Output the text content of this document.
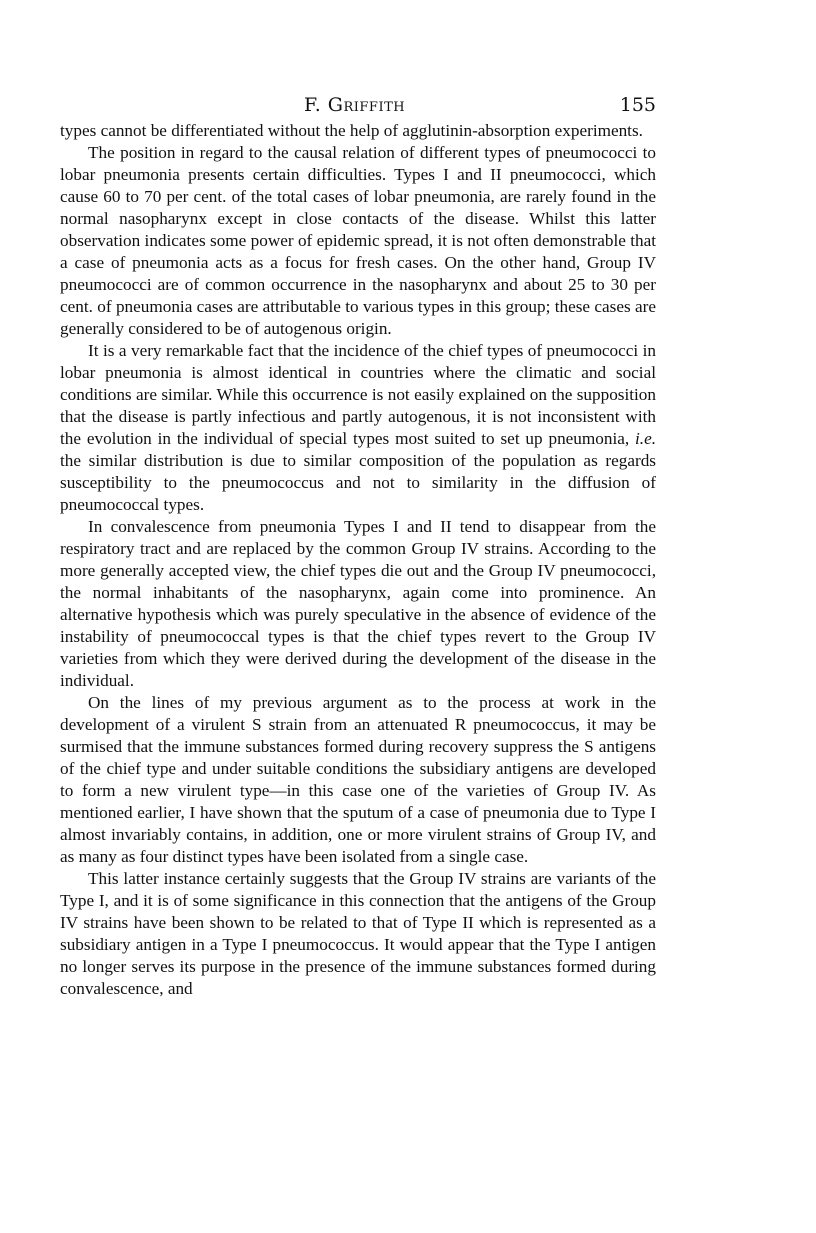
F. Griffith	155

types cannot be differentiated without the help of agglutinin-absorption experiments.

The position in regard to the causal relation of different types of pneumococci to lobar pneumonia presents certain difficulties. Types I and II pneumococci, which cause 60 to 70 per cent. of the total cases of lobar pneumonia, are rarely found in the normal nasopharynx except in close contacts of the disease. Whilst this latter observation indicates some power of epidemic spread, it is not often demonstrable that a case of pneumonia acts as a focus for fresh cases. On the other hand, Group IV pneumococci are of common occurrence in the nasopharynx and about 25 to 30 per cent. of pneumonia cases are attributable to various types in this group; these cases are generally considered to be of autogenous origin.

It is a very remarkable fact that the incidence of the chief types of pneumococci in lobar pneumonia is almost identical in countries where the climatic and social conditions are similar. While this occurrence is not easily explained on the supposition that the disease is partly infectious and partly autogenous, it is not inconsistent with the evolution in the individual of special types most suited to set up pneumonia, i.e. the similar distribution is due to similar composition of the population as regards susceptibility to the pneumococcus and not to similarity in the diffusion of pneumococcal types.

In convalescence from pneumonia Types I and II tend to disappear from the respiratory tract and are replaced by the common Group IV strains. According to the more generally accepted view, the chief types die out and the Group IV pneumococci, the normal inhabitants of the nasopharynx, again come into prominence. An alternative hypothesis which was purely speculative in the absence of evidence of the instability of pneumococcal types is that the chief types revert to the Group IV varieties from which they were derived during the development of the disease in the individual.

On the lines of my previous argument as to the process at work in the development of a virulent S strain from an attenuated R pneumococcus, it may be surmised that the immune substances formed during recovery suppress the S antigens of the chief type and under suitable conditions the subsidiary antigens are developed to form a new virulent type—in this case one of the varieties of Group IV. As mentioned earlier, I have shown that the sputum of a case of pneumonia due to Type I almost invariably contains, in addition, one or more virulent strains of Group IV, and as many as four distinct types have been isolated from a single case.

This latter instance certainly suggests that the Group IV strains are variants of the Type I, and it is of some significance in this connection that the antigens of the Group IV strains have been shown to be related to that of Type II which is represented as a subsidiary antigen in a Type I pneumococcus. It would appear that the Type I antigen no longer serves its purpose in the presence of the immune substances formed during convalescence, and
